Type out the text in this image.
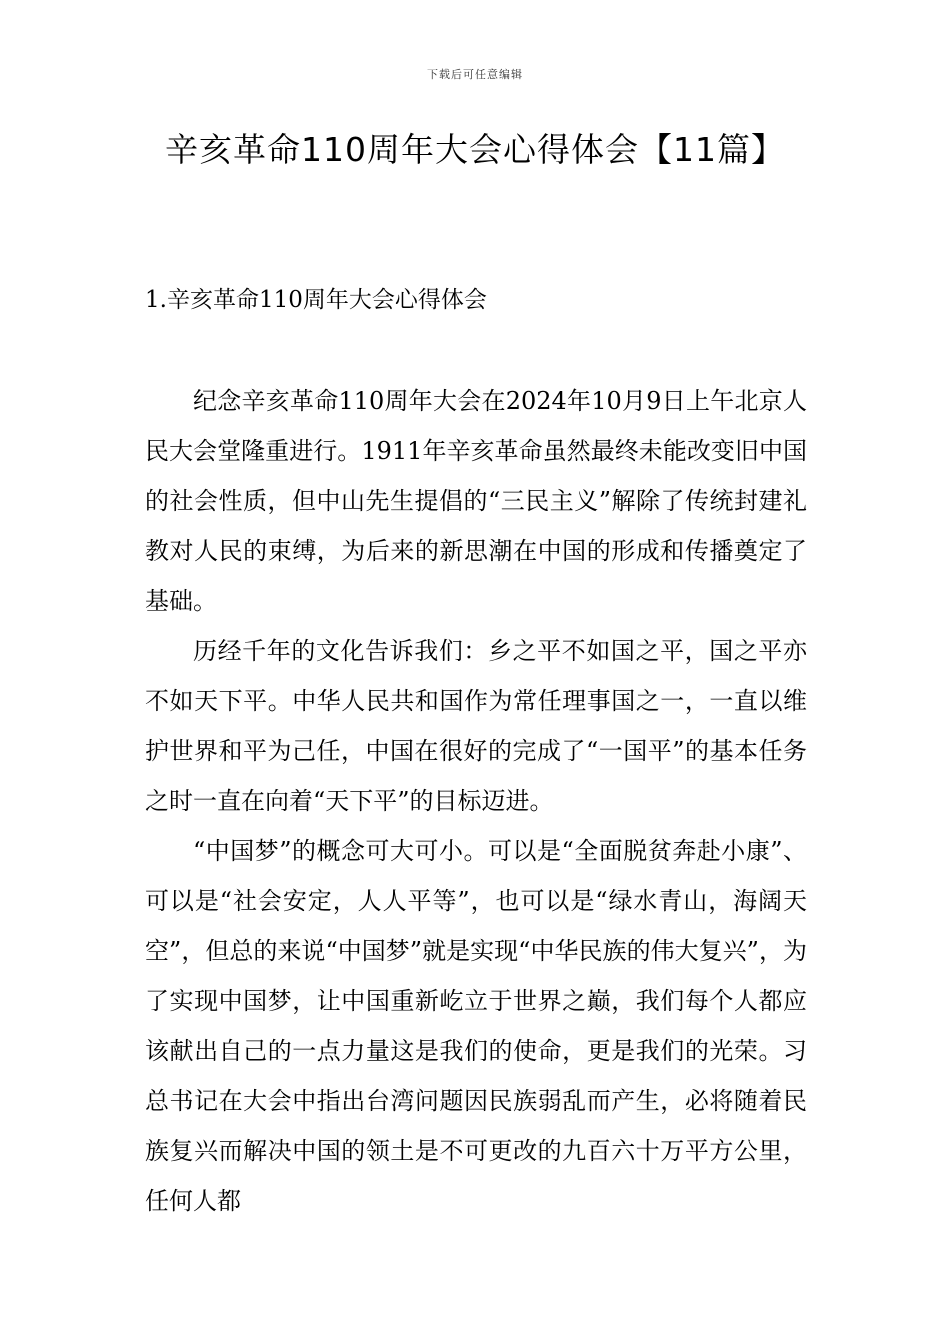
下载后可任意编辑
辛亥革命110周年大会心得体会【11篇】
1.辛亥革命110周年大会心得体会

纪念辛亥革命110周年大会在2024年10月9日上午北京人民大会堂隆重进行。1911年辛亥革命虽然最终未能改变旧中国的社会性质，但中山先生提倡的“三民主义”解除了传统封建礼教对人民的束缚，为后来的新思潮在中国的形成和传播奠定了基础。

历经千年的文化告诉我们：乡之平不如国之平，国之平亦不如天下平。中华人民共和国作为常任理事国之一，一直以维护世界和平为己任，中国在很好的完成了“一国平”的基本任务之时一直在向着“天下平”的目标迈进。

“中国梦”的概念可大可小。可以是“全面脱贫奔赴小康”、可以是“社会安定，人人平等”，也可以是“绿水青山，海阔天空”，但总的来说“中国梦”就是实现“中华民族的伟大复兴”，为了实现中国梦，让中国重新屹立于世界之巅，我们每个人都应该献出自己的一点力量这是我们的使命，更是我们的光荣。习总书记在大会中指出台湾问题因民族弱乱而产生，必将随着民族复兴而解决中国的领土是不可更改的九百六十万平方公里，任何人都
